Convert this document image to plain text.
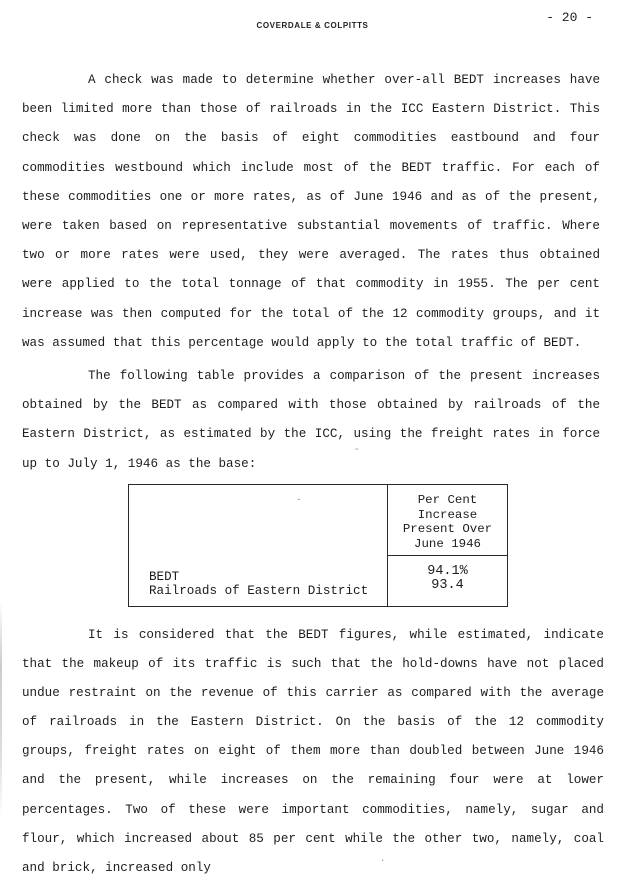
COVERDALE & COLPITTS
- 20 -

A check was made to determine whether over-all BEDT increases have been limited more than those of railroads in the ICC Eastern District. This check was done on the basis of eight commodities eastbound and four commodities westbound which include most of the BEDT traffic. For each of these commodities one or more rates, as of June 1946 and as of the present, were taken based on representative substantial movements of traffic. Where two or more rates were used, they were averaged. The rates thus obtained were applied to the total tonnage of that commodity in 1955. The per cent increase was then computed for the total of the 12 commodity groups, and it was assumed that this percentage would apply to the total traffic of BEDT.

The following table provides a comparison of the present increases obtained by the BEDT as compared with those obtained by railroads of the Eastern District, as estimated by the ICC, using the freight rates in force up to July 1, 1946 as the base:

Per Cent
Increase
Present Over
June 1946
BEDT
Railroads of Eastern District
94.1%
93.4

It is considered that the BEDT figures, while estimated, indicate that the makeup of its traffic is such that the hold-downs have not placed undue restraint on the revenue of this carrier as compared with the average of railroads in the Eastern District. On the basis of the 12 commodity groups, freight rates on eight of them more than doubled between June 1946 and the present, while increases on the remaining four were at lower percentages. Two of these were important commodities, namely, sugar and flour, which increased about 85 per cent while the other two, namely, coal and brick, increased only

-
˜
·
